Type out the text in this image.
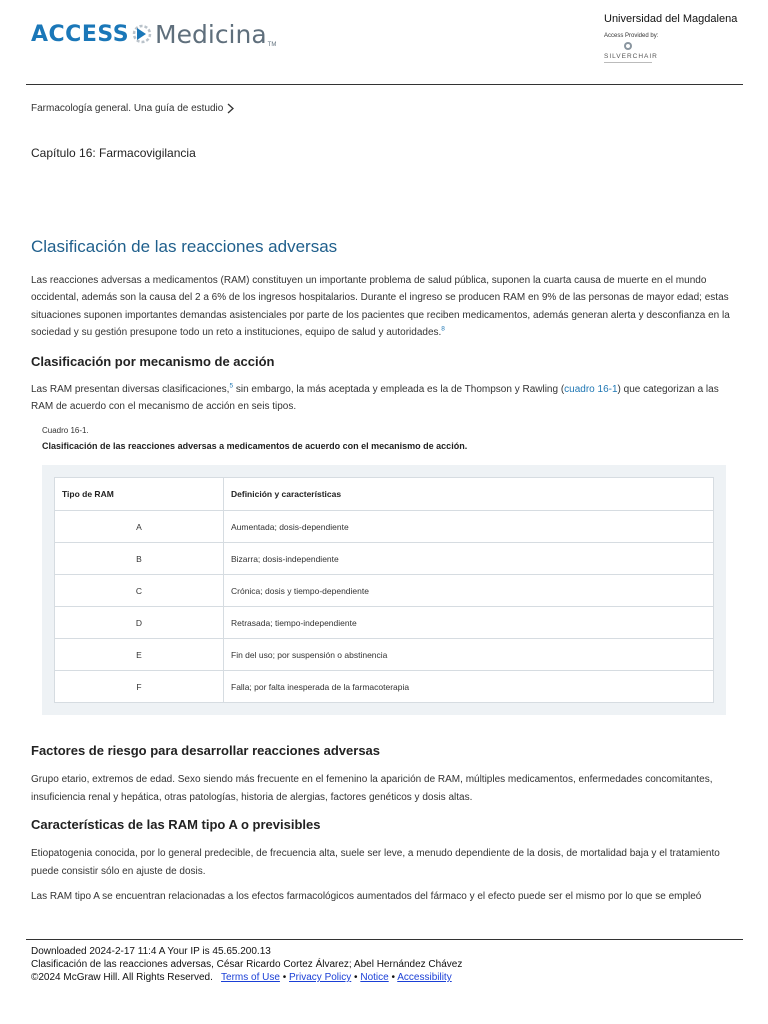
ACCESS Medicina TM
Universidad del Magdalena
Access Provided by:
SILVERCHAIR
Farmacología general. Una guía de estudio
Capítulo 16: Farmacovigilancia
Clasificación de las reacciones adversas

Las reacciones adversas a medicamentos (RAM) constituyen un importante problema de salud pública, suponen la cuarta causa de muerte en el mundo occidental, además son la causa del 2 a 6% de los ingresos hospitalarios. Durante el ingreso se producen RAM en 9% de las personas de mayor edad; estas situaciones suponen importantes demandas asistenciales por parte de los pacientes que reciben medicamentos, además generan alerta y desconfianza en la sociedad y su gestión presupone todo un reto a instituciones, equipo de salud y autoridades.$^8$

Clasificación por mecanismo de acción

Las RAM presentan diversas clasificaciones,$^5$ sin embargo, la más aceptada y empleada es la de Thompson y Rawling (cuadro 16-1) que categorizan a las RAM de acuerdo con el mecanismo de acción en seis tipos.

Cuadro 16-1.
Clasificación de las reacciones adversas a medicamentos de acuerdo con el mecanismo de acción.
Tipo de RAM	Definición y características
A	Aumentada; dosis-dependiente
B	Bizarra; dosis-independiente
C	Crónica; dosis y tiempo-dependiente
D	Retrasada; tiempo-independiente
E	Fin del uso; por suspensión o abstinencia
F	Falla; por falta inesperada de la farmacoterapia
Factores de riesgo para desarrollar reacciones adversas

Grupo etario, extremos de edad. Sexo siendo más frecuente en el femenino la aparición de RAM, múltiples medicamentos, enfermedades concomitantes, insuficiencia renal y hepática, otras patologías, historia de alergias, factores genéticos y dosis altas.

Características de las RAM tipo A o previsibles

Etiopatogenia conocida, por lo general predecible, de frecuencia alta, suele ser leve, a menudo dependiente de la dosis, de mortalidad baja y el tratamiento puede consistir sólo en ajuste de dosis.

Las RAM tipo A se encuentran relacionadas a los efectos farmacológicos aumentados del fármaco y el efecto puede ser el mismo por lo que se empleó

Downloaded 2024-2-17 11:4 A Your IP is 45.65.200.13
Clasificación de las reacciones adversas, César Ricardo Cortez Álvarez; Abel Hernández Chávez
©2024 McGraw Hill. All Rights Reserved. Terms of Use • Privacy Policy • Notice • Accessibility
